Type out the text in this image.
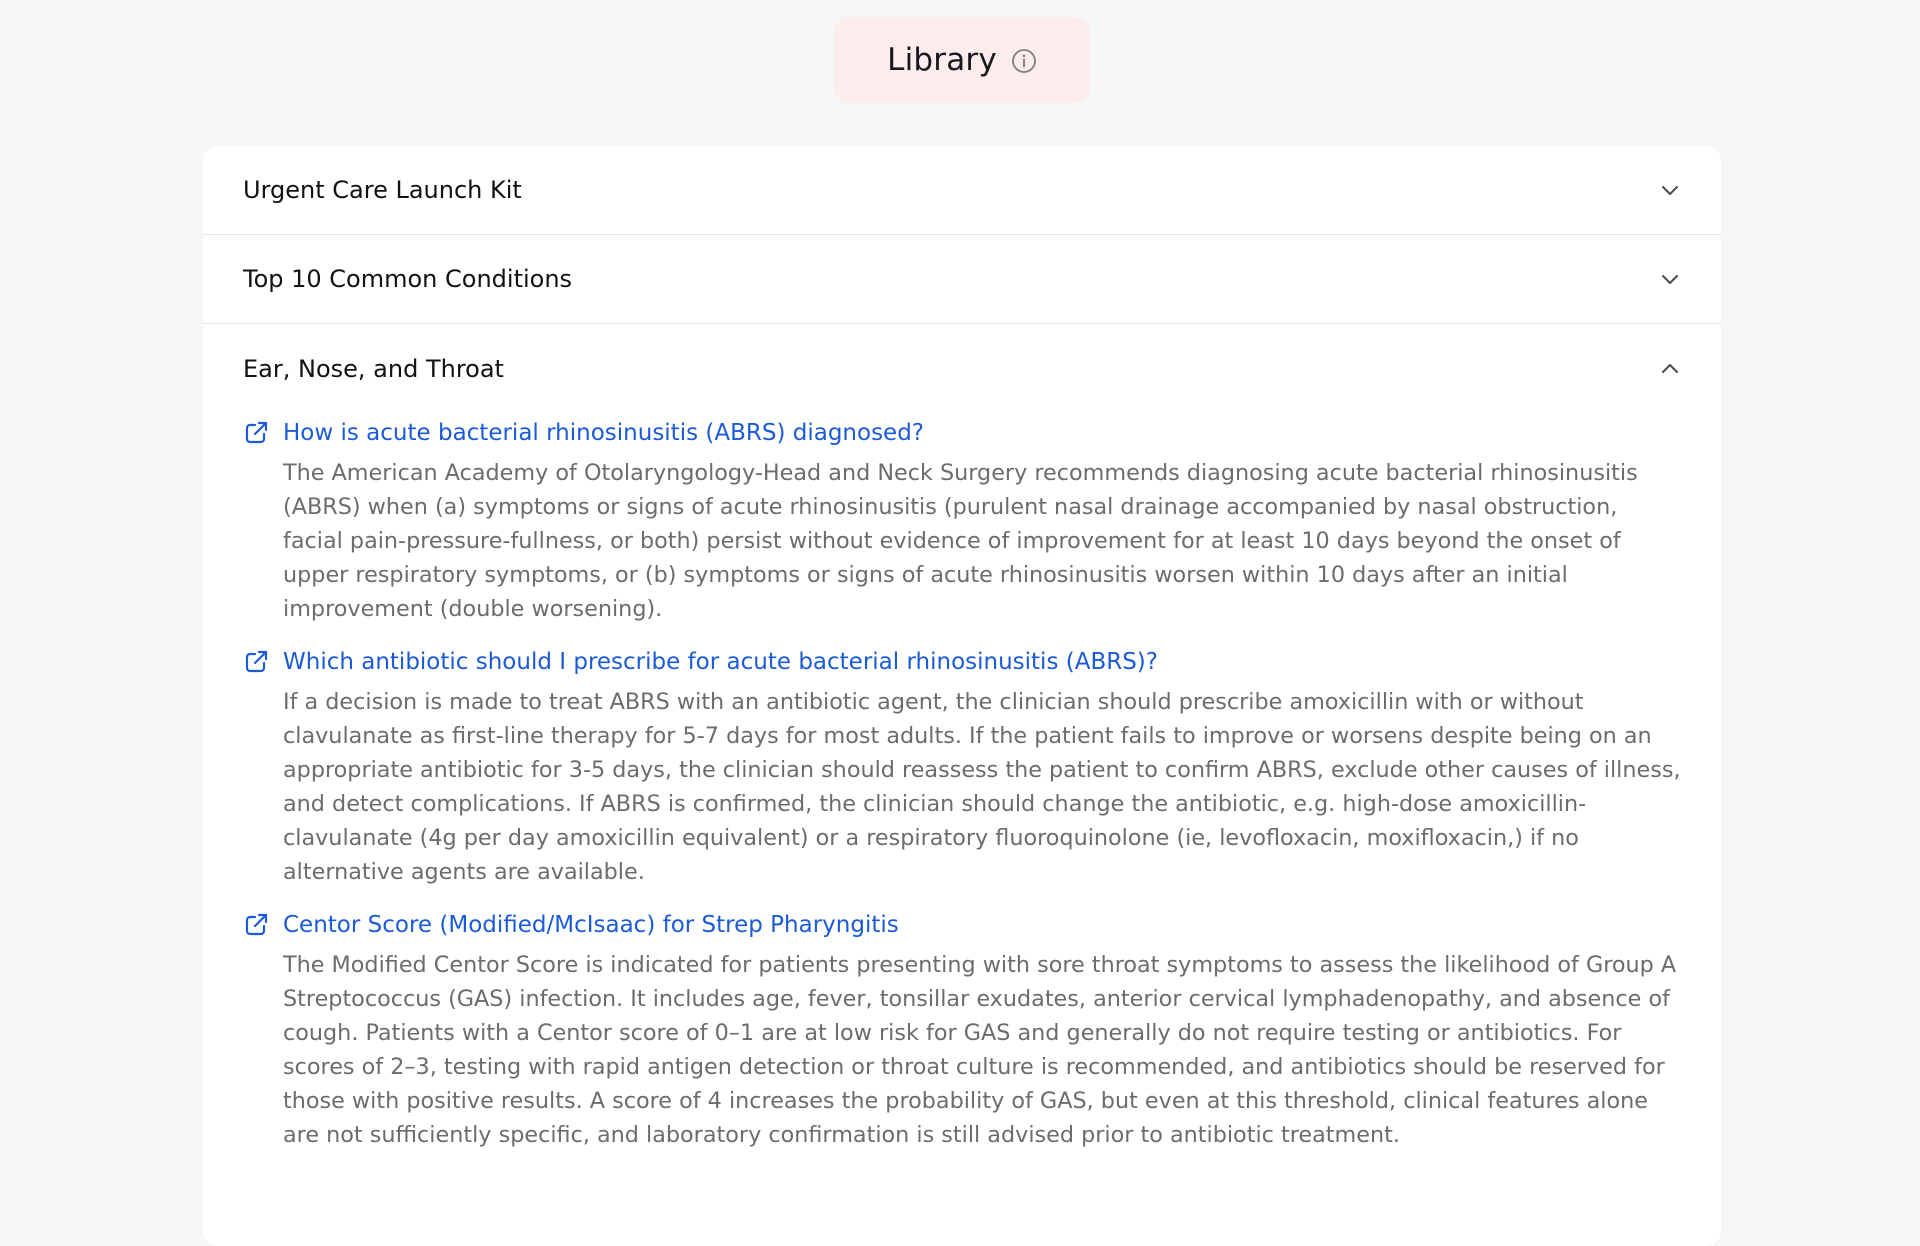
Library
Urgent Care Launch Kit
Top 10 Common Conditions
Ear, Nose, and Throat
How is acute bacterial rhinosinusitis (ABRS) diagnosed?
The American Academy of Otolaryngology-Head and Neck Surgery recommends diagnosing acute bacterial rhinosinusitis (ABRS) when (a) symptoms or signs of acute rhinosinusitis (purulent nasal drainage accompanied by nasal obstruction, facial pain-pressure-fullness, or both) persist without evidence of improvement for at least 10 days beyond the onset of upper respiratory symptoms, or (b) symptoms or signs of acute rhinosinusitis worsen within 10 days after an initial improvement (double worsening).
Which antibiotic should I prescribe for acute bacterial rhinosinusitis (ABRS)?
If a decision is made to treat ABRS with an antibiotic agent, the clinician should prescribe amoxicillin with or without clavulanate as first-line therapy for 5-7 days for most adults. If the patient fails to improve or worsens despite being on an appropriate antibiotic for 3-5 days, the clinician should reassess the patient to confirm ABRS, exclude other causes of illness, and detect complications. If ABRS is confirmed, the clinician should change the antibiotic, e.g. high-dose amoxicillin-clavulanate (4g per day amoxicillin equivalent) or a respiratory fluoroquinolone (ie, levofloxacin, moxifloxacin,) if no alternative agents are available.
Centor Score (Modified/McIsaac) for Strep Pharyngitis
The Modified Centor Score is indicated for patients presenting with sore throat symptoms to assess the likelihood of Group A Streptococcus (GAS) infection. It includes age, fever, tonsillar exudates, anterior cervical lymphadenopathy, and absence of cough. Patients with a Centor score of 0–1 are at low risk for GAS and generally do not require testing or antibiotics. For scores of 2–3, testing with rapid antigen detection or throat culture is recommended, and antibiotics should be reserved for those with positive results. A score of 4 increases the probability of GAS, but even at this threshold, clinical features alone are not sufficiently specific, and laboratory confirmation is still advised prior to antibiotic treatment.
